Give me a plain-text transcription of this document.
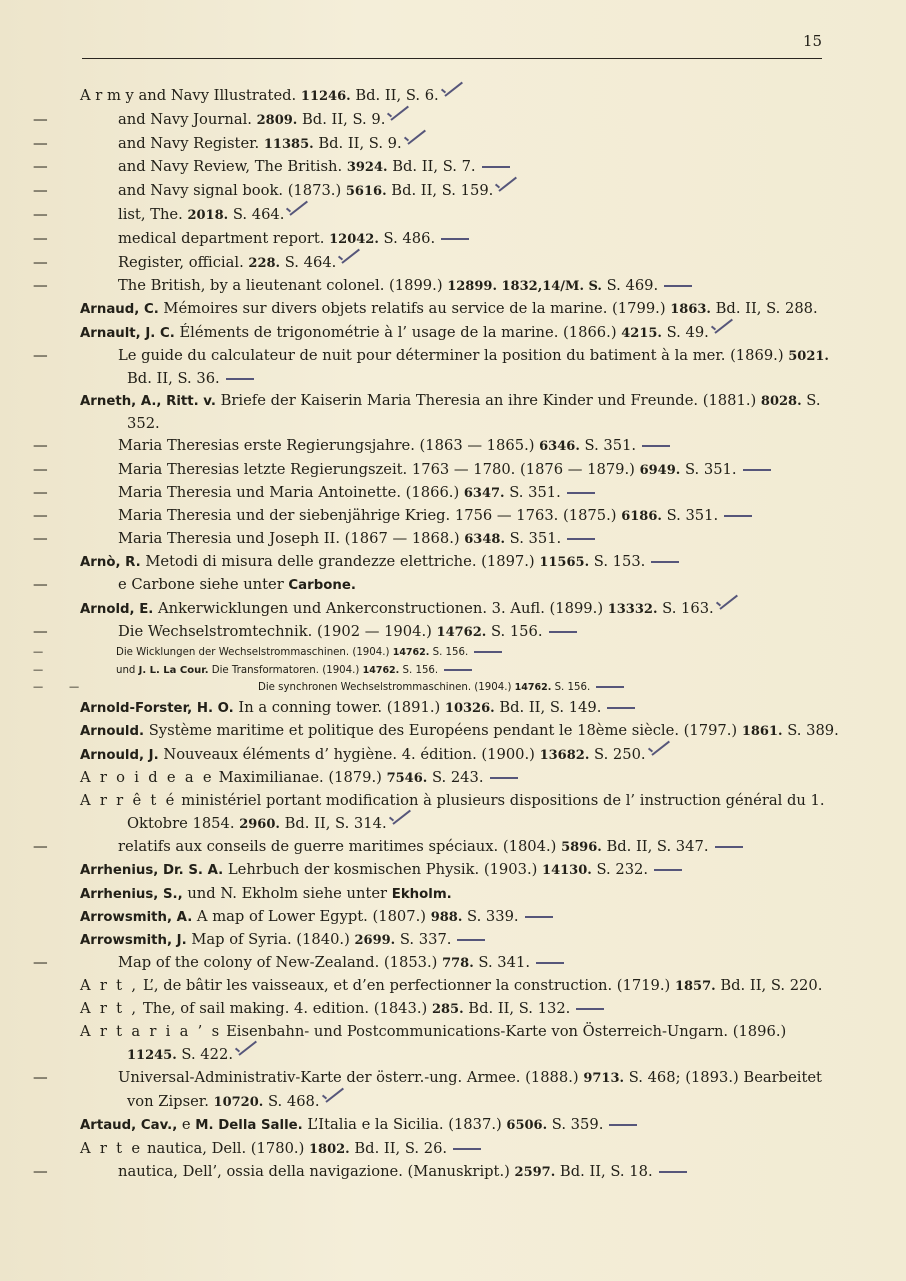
15
A r m y and Navy Illustrated. 11246. Bd. II, S. 6.
—	and Navy Journal. 2809. Bd. II, S. 9.
—	and Navy Register. 11385. Bd. II, S. 9.
—	and Navy Review, The British. 3924. Bd. II, S. 7.
—	and Navy signal book. (1873.) 5616. Bd. II, S. 159.
—	list, The. 2018. S. 464.
—	medical department report. 12042. S. 486.
—	Register, official. 228. S. 464.
—	The British, by a lieutenant colonel. (1899.) 12899. 1832,14/M. S. S. 469.
Arnaud, C. Mémoires sur divers objets relatifs au service de la marine. (1799.) 1863. Bd. II, S. 288.
Arnault, J. C. Éléments de trigonométrie à l’ usage de la marine. (1866.) 4215. S. 49.
—	Le guide du calculateur de nuit pour déterminer la position du batiment à la mer. (1869.) 5021. Bd. II, S. 36.
Arneth, A., Ritt. v. Briefe der Kaiserin Maria Theresia an ihre Kinder und Freunde. (1881.) 8028. S. 352.
—	Maria Theresias erste Regierungsjahre. (1863 — 1865.) 6346. S. 351.
—	Maria Theresias letzte Regierungszeit. 1763 — 1780. (1876 — 1879.) 6949. S. 351.
—	Maria Theresia und Maria Antoinette. (1866.) 6347. S. 351.
—	Maria Theresia und der siebenjährige Krieg. 1756 — 1763. (1875.) 6186. S. 351.
—	Maria Theresia und Joseph II. (1867 — 1868.) 6348. S. 351.
Arnò, R. Metodi di misura delle grandezze elettriche. (1897.) 11565. S. 153.
—	e Carbone siehe unter Carbone.
Arnold, E. Ankerwicklungen und Ankerconstructionen. 3. Aufl. (1899.) 13332. S. 163.
—	Die Wechselstromtechnik. (1902 — 1904.) 14762. S. 156.
—	Die Wicklungen der Wechselstrommaschinen. (1904.) 14762. S. 156.
—	und J. L. La Cour. Die Transformatoren. (1904.) 14762. S. 156.
—	—	Die synchronen Wechselstrommaschinen. (1904.) 14762. S. 156.
Arnold-Forster, H. O. In a conning tower. (1891.) 10326. Bd. II, S. 149.
Arnould. Système maritime et politique des Européens pendant le 18ème siècle. (1797.) 1861. S. 389.
Arnould, J. Nouveaux éléments d’ hygiène. 4. édition. (1900.) 13682. S. 250.
A r o i d e a e Maximilianae. (1879.) 7546. S. 243.
A r r ê t é ministériel portant modification à plusieurs dispositions de l’ instruction général du 1. Oktobre 1854. 2960. Bd. II, S. 314.
—	relatifs aux conseils de guerre maritimes spéciaux. (1804.) 5896. Bd. II, S. 347.
Arrhenius, Dr. S. A. Lehrbuch der kosmischen Physik. (1903.) 14130. S. 232.
Arrhenius, S., und N. Ekholm siehe unter Ekholm.
Arrowsmith, A. A map of Lower Egypt. (1807.) 988. S. 339.
Arrowsmith, J. Map of Syria. (1840.) 2699. S. 337.
—	Map of the colony of New-Zealand. (1853.) 778. S. 341.
A r t , L’, de bâtir les vaisseaux, et d’en perfectionner la construction. (1719.) 1857. Bd. II, S. 220.
A r t , The, of sail making. 4. edition. (1843.) 285. Bd. II, S. 132.
A r t a r i a ’ s Eisenbahn- und Postcommunications-Karte von Österreich-Ungarn. (1896.) 11245. S. 422.
—	Universal-Administrativ-Karte der österr.-ung. Armee. (1888.) 9713. S. 468; (1893.) Bearbeitet von Zipser. 10720. S. 468.
Artaud, Cav., e M. Della Salle. L’Italia e la Sicilia. (1837.) 6506. S. 359.
A r t e nautica, Dell. (1780.) 1802. Bd. II, S. 26.
—	nautica, Dell’, ossia della navigazione. (Manuskript.) 2597. Bd. II, S. 18.
